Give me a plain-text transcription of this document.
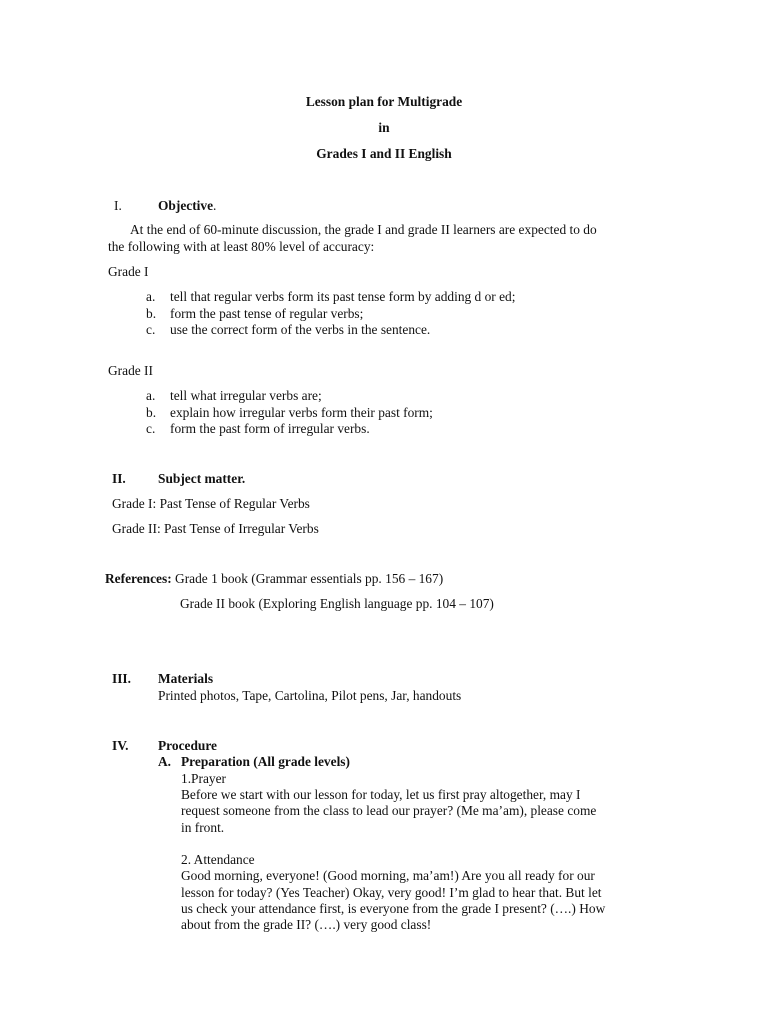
Lesson plan for Multigrade
in
Grades I and II English
I.	Objective.
At the end of 60-minute discussion, the grade I and grade II learners are expected to do
the following with at least 80% level of accuracy:
Grade I
a. tell that regular verbs form its past tense form by adding d or ed;
b. form the past tense of regular verbs;
c. use the correct form of the verbs in the sentence.
Grade II
a. tell what irregular verbs are;
b. explain how irregular verbs form their past form;
c. form the past form of irregular verbs.
II. Subject matter.
Grade I: Past Tense of Regular Verbs
Grade II: Past Tense of Irregular Verbs
References: Grade 1 book (Grammar essentials pp. 156 – 167)
Grade II book (Exploring English language pp. 104 – 107)
III. Materials
Printed photos, Tape, Cartolina, Pilot pens, Jar, handouts
IV. Procedure
A. Preparation (All grade levels)
1.Prayer
Before we start with our lesson for today, let us first pray altogether, may I
request someone from the class to lead our prayer? (Me ma’am), please come
in front.
2. Attendance
Good morning, everyone! (Good morning, ma’am!) Are you all ready for our
lesson for today? (Yes Teacher) Okay, very good! I’m glad to hear that. But let
us check your attendance first, is everyone from the grade I present? (….) How
about from the grade II? (….) very good class!
